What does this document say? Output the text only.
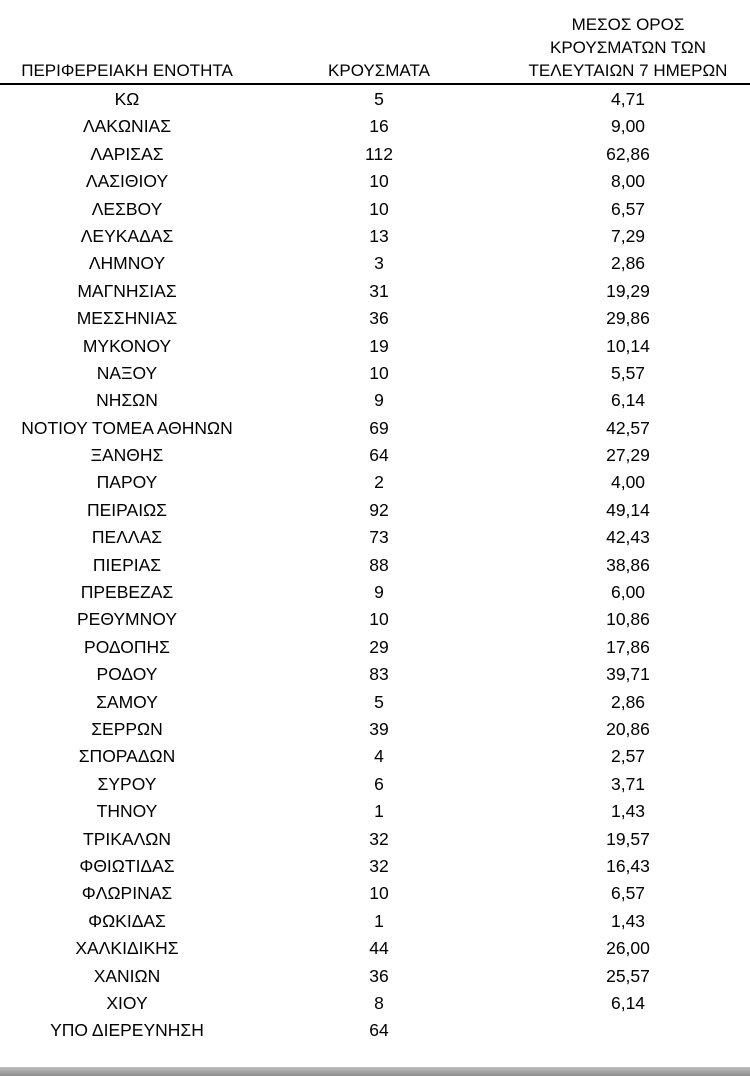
ΠΕΡΙΦΕΡΕΙΑΚΗ ΕΝΟΤΗΤΑ	ΚΡΟΥΣΜΑΤΑ
ΜΕΣΟΣ ΟΡΟΣ
ΚΡΟΥΣΜΑΤΩΝ ΤΩΝ
ΤΕΛΕΥΤΑΙΩΝ 7 ΗΜΕΡΩΝ
ΚΩ	5	4,71
ΛΑΚΩΝΙΑΣ	16	9,00
ΛΑΡΙΣΑΣ	112	62,86
ΛΑΣΙΘΙΟΥ	10	8,00
ΛΕΣΒΟΥ	10	6,57
ΛΕΥΚΑΔΑΣ	13	7,29
ΛΗΜΝΟΥ	3	2,86
ΜΑΓΝΗΣΙΑΣ	31	19,29
ΜΕΣΣΗΝΙΑΣ	36	29,86
ΜΥΚΟΝΟΥ	19	10,14
ΝΑΞΟΥ	10	5,57
ΝΗΣΩΝ	9	6,14
ΝΟΤΙΟΥ ΤΟΜΕΑ ΑΘΗΝΩΝ	69	42,57
ΞΑΝΘΗΣ	64	27,29
ΠΑΡΟΥ	2	4,00
ΠΕΙΡΑΙΩΣ	92	49,14
ΠΕΛΛΑΣ	73	42,43
ΠΙΕΡΙΑΣ	88	38,86
ΠΡΕΒΕΖΑΣ	9	6,00
ΡΕΘΥΜΝΟΥ	10	10,86
ΡΟΔΟΠΗΣ	29	17,86
ΡΟΔΟΥ	83	39,71
ΣΑΜΟΥ	5	2,86
ΣΕΡΡΩΝ	39	20,86
ΣΠΟΡΑΔΩΝ	4	2,57
ΣΥΡΟΥ	6	3,71
ΤΗΝΟΥ	1	1,43
ΤΡΙΚΑΛΩΝ	32	19,57
ΦΘΙΩΤΙΔΑΣ	32	16,43
ΦΛΩΡΙΝΑΣ	10	6,57
ΦΩΚΙΔΑΣ	1	1,43
ΧΑΛΚΙΔΙΚΗΣ	44	26,00
ΧΑΝΙΩΝ	36	25,57
ΧΙΟΥ	8	6,14
ΥΠΟ ΔΙΕΡΕΥΝΗΣΗ	64
